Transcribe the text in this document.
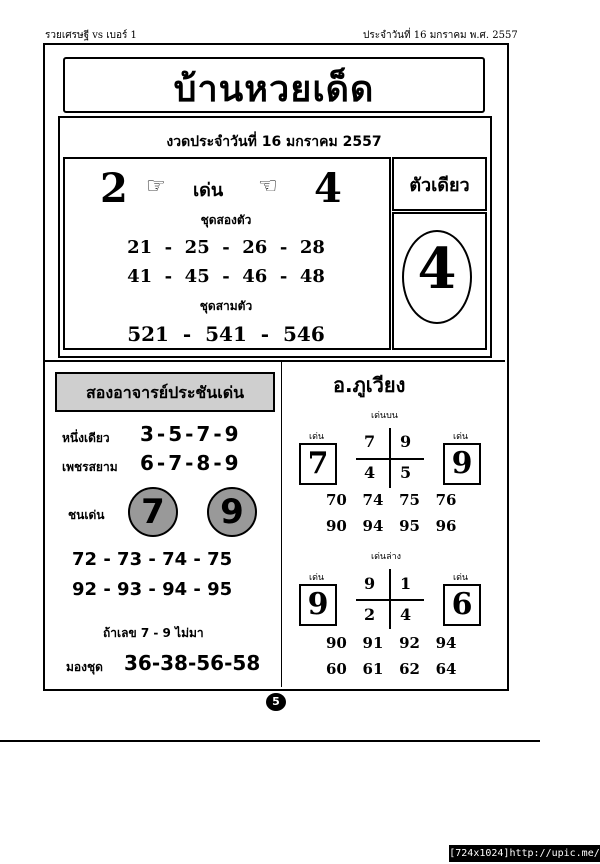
รวยเศรษฐี vs เบอร์ 1	ประจำวันที่ 16 มกราคม พ.ศ. 2557
บ้านหวยเด็ด
งวดประจำวันที่ 16 มกราคม 2557
2 ☞ เด่น ☜ 4
ชุดสองตัว
21  -  25  -  26  -  28
41  -  45  -  46  -  48
ชุดสามตัว
521  -  541  -  546
ตัวเดียว
4
สองอาจารย์ประชันเด่น
หนึ่งเดียว 3-5-7-9
เพชรสยาม 6-7-8-9
ชนเด่น	7	9
72 - 73 - 74 - 75
92 - 93 - 94 - 95
ถ้าเลข 7 - 9 ไม่มา
มองชุด 36-38-56-58
อ.ภูเวียง
เด่นบน
เด่น	เด่น
7	9
7 9
4 5
70   74   75   76
90   94   95   96
เด่นล่าง
เด่น	เด่น
9	6
9 1
2 4
90   91   92   94
60   61   62   64
5
[724x1024]http://upic.me/
